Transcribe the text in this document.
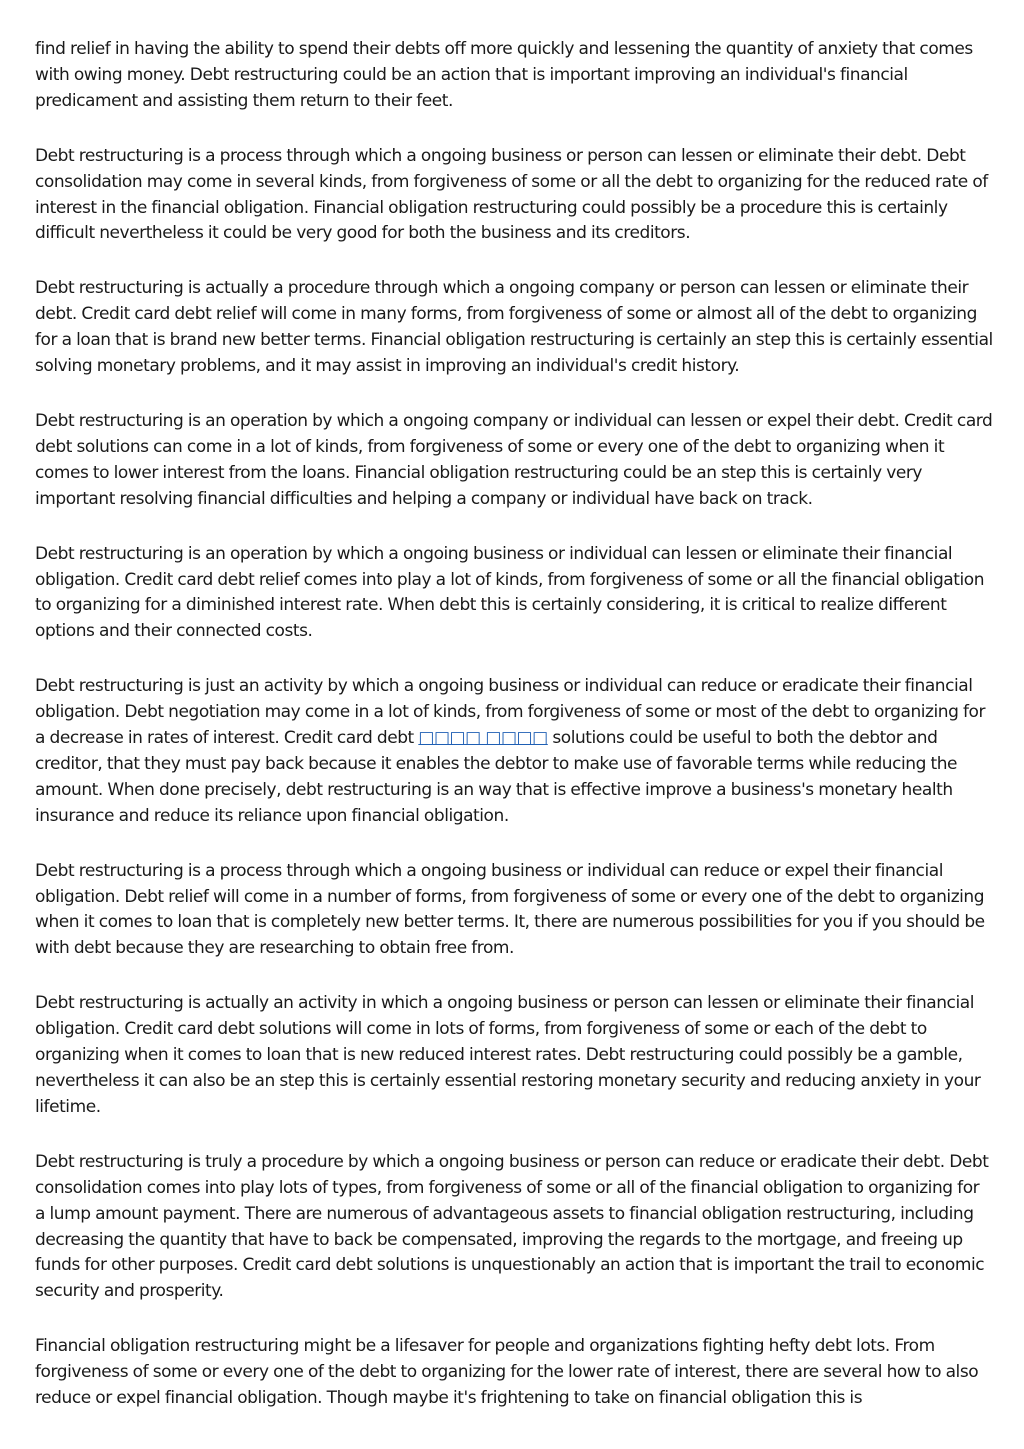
find relief in having the ability to spend their debts off more quickly and lessening the quantity of anxiety that comes with owing money. Debt restructuring could be an action that is important improving an individual's financial predicament and assisting them return to their feet.

Debt restructuring is a process through which a ongoing business or person can lessen or eliminate their debt. Debt consolidation may come in several kinds, from forgiveness of some or all the debt to organizing for the reduced rate of interest in the financial obligation. Financial obligation restructuring could possibly be a procedure this is certainly difficult nevertheless it could be very good for both the business and its creditors.

Debt restructuring is actually a procedure through which a ongoing company or person can lessen or eliminate their debt. Credit card debt relief will come in many forms, from forgiveness of some or almost all of the debt to organizing for a loan that is brand new better terms. Financial obligation restructuring is certainly an step this is certainly essential solving monetary problems, and it may assist in improving an individual's credit history.

Debt restructuring is an operation by which a ongoing company or individual can lessen or expel their debt. Credit card debt solutions can come in a lot of kinds, from forgiveness of some or every one of the debt to organizing when it comes to lower interest from the loans. Financial obligation restructuring could be an step this is certainly very important resolving financial difficulties and helping a company or individual have back on track.

Debt restructuring is an operation by which a ongoing business or individual can lessen or eliminate their financial obligation. Credit card debt relief comes into play a lot of kinds, from forgiveness of some or all the financial obligation to organizing for a diminished interest rate. When debt this is certainly considering, it is critical to realize different options and their connected costs.

Debt restructuring is just an activity by which a ongoing business or individual can reduce or eradicate their financial obligation. Debt negotiation may come in a lot of kinds, from forgiveness of some or most of the debt to organizing for a decrease in rates of interest. Credit card debt □□□□ □□□□ solutions could be useful to both the debtor and creditor, that they must pay back because it enables the debtor to make use of favorable terms while reducing the amount. When done precisely, debt restructuring is an way that is effective improve a business's monetary health insurance and reduce its reliance upon financial obligation.

Debt restructuring is a process through which a ongoing business or individual can reduce or expel their financial obligation. Debt relief will come in a number of forms, from forgiveness of some or every one of the debt to organizing when it comes to loan that is completely new better terms. It, there are numerous possibilities for you if you should be with debt because they are researching to obtain free from.

Debt restructuring is actually an activity in which a ongoing business or person can lessen or eliminate their financial obligation. Credit card debt solutions will come in lots of forms, from forgiveness of some or each of the debt to organizing when it comes to loan that is new reduced interest rates. Debt restructuring could possibly be a gamble, nevertheless it can also be an step this is certainly essential restoring monetary security and reducing anxiety in your lifetime.

Debt restructuring is truly a procedure by which a ongoing business or person can reduce or eradicate their debt. Debt consolidation comes into play lots of types, from forgiveness of some or all of the financial obligation to organizing for a lump amount payment. There are numerous of advantageous assets to financial obligation restructuring, including decreasing the quantity that have to back be compensated, improving the regards to the mortgage, and freeing up funds for other purposes. Credit card debt solutions is unquestionably an action that is important the trail to economic security and prosperity.

Financial obligation restructuring might be a lifesaver for people and organizations fighting hefty debt lots. From forgiveness of some or every one of the debt to organizing for the lower rate of interest, there are several how to also reduce or expel financial obligation. Though maybe it's frightening to take on financial obligation this is
